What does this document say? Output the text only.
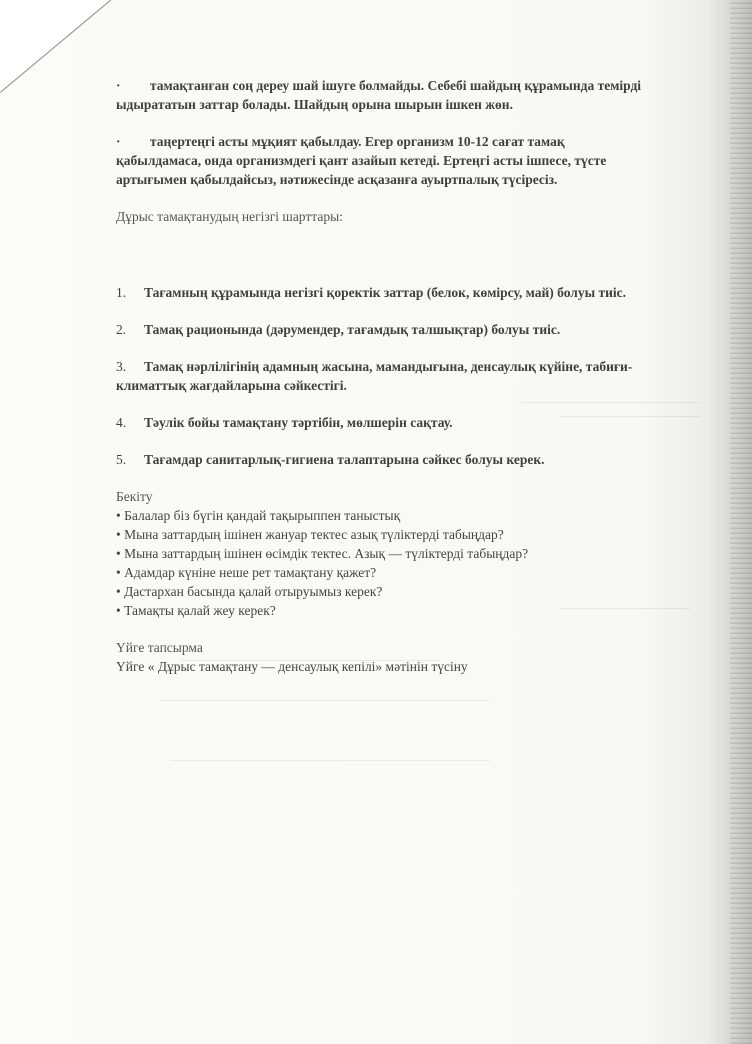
· тамақтанған соң дереу шай ішуге болмайды. Себебі шайдың құрамында темірді
ыдырататын заттар болады. Шайдың орына шырын ішкен жөн.
· таңертеңгі асты мұқият қабылдау. Егер организм 10-12 сағат тамақ
қабылдамаса, онда организмдегі қант азайып кетеді. Ертеңгі асты ішпесе, түсте
артығымен қабылдайсыз, нәтижесінде асқазанға ауыртпалық түсіресіз.
Дұрыс тамақтанудың негізгі шарттары:
1. Тағамның құрамында негізгі қоректік заттар (белок, көмірсу, май) болуы тиіс.
2. Тамақ рационында (дәрумендер, тағамдық талшықтар) болуы тиіс.
3. Тамақ нәрлілігінің адамның жасына, мамандығына, денсаулық күйіне, табиғи-
климаттық жағдайларына сәйкестігі.
4. Тәулік бойы тамақтану тәртібін, мөлшерін сақтау.
5. Тағамдар санитарлық-гигиена талаптарына сәйкес болуы керек.
Бекіту
• Балалар біз бүгін қандай тақырыппен таныстық
• Мына заттардың ішінен жануар тектес азық түліктерді табыңдар?
• Мына заттардың ішінен өсімдік тектес. Азық — түліктерді табыңдар?
• Адамдар күніне неше рет тамақтану қажет?
• Дастархан басында қалай отыруымыз керек?
• Тамақты қалай жеу керек?
Үйге тапсырма
Үйге « Дұрыс тамақтану — денсаулық кепілі» мәтінін түсіну
